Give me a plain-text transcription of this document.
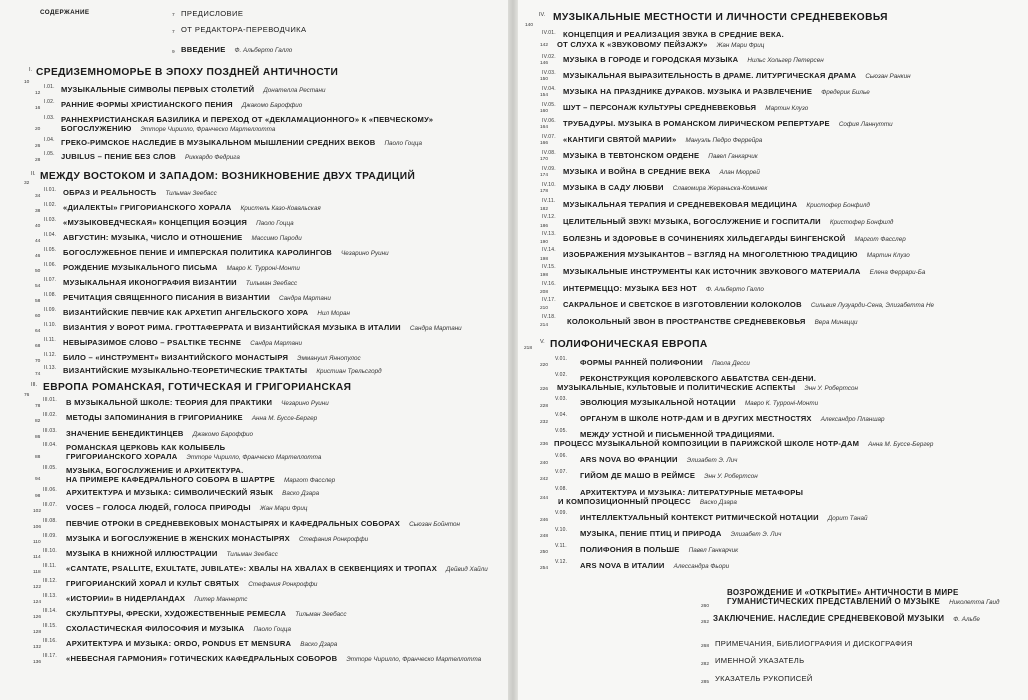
СОДЕРЖАНИЕ	7 ПРЕДИСЛОВИЕ
7 ОТ РЕДАКТОРА-ПЕРЕВОДЧИКА
9 ВВЕДЕНИЕ Ф. Альберто Галло
I.
10
СРЕДИЗЕМНОМОРЬЕ В ЭПОХУ ПОЗДНЕЙ АНТИЧНОСТИ
I.01.
12	МУЗЫКАЛЬНЫЕ СИМВОЛЫ ПЕРВЫХ СТОЛЕТИЙ Донателла Рестани
I.02.
16	РАННИЕ ФОРМЫ ХРИСТИАНСКОГО ПЕНИЯ Джакомо Бароффио
I.03.
20
РАННЕХРИСТИАНСКАЯ БАЗИЛИКА И ПЕРЕХОД ОТ «ДЕКЛАМАЦИОННОГО» К «ПЕВЧЕСКОМУ»
БОГОСЛУЖЕНИЮ Этторе Чирилло, Франческо Мартеллотта
I.04.
26	ГРЕКО-РИМСКОЕ НАСЛЕДИЕ В МУЗЫКАЛЬНОМ МЫШЛЕНИИ СРЕДНИХ ВЕКОВ Паоло Гоцца
I.05.
28	JUBILUS – ПЕНИЕ БЕЗ СЛОВ Риккардо Федрига
II.
32
МЕЖДУ ВОСТОКОМ И ЗАПАДОМ: ВОЗНИКНОВЕНИЕ ДВУХ ТРАДИЦИЙ
II.01.
34	ОБРАЗ И РЕАЛЬНОСТЬ Тильман Зеебасс
II.02.
38	«ДИАЛЕКТЫ» ГРИГОРИАНСКОГО ХОРАЛА Кристель Казо-Ковальская
II.03.
40	«МУЗЫКОВЕДЧЕСКАЯ» КОНЦЕПЦИЯ БОЭЦИЯ Паоло Гоцца
II.04.
44	АВГУСТИН: МУЗЫКА, ЧИСЛО И ОТНОШЕНИЕ Массимо Пароди
II.05.
46	БОГОСЛУЖЕБНОЕ ПЕНИЕ И ИМПЕРСКАЯ ПОЛИТИКА КАРОЛИНГОВ Чезарино Руини
II.06.
50	РОЖДЕНИЕ МУЗЫКАЛЬНОГО ПИСЬМА Мавро К. Турроні-Монти
II.07.
54	МУЗЫКАЛЬНАЯ ИКОНОГРАФИЯ ВИЗАНТИИ Тильман Зеебасс
II.08.
58	РЕЧИТАЦИЯ СВЯЩЕННОГО ПИСАНИЯ В ВИЗАНТИИ Сандра Мартани
II.09.
60	ВИЗАНТИЙСКИЕ ПЕВЧИЕ КАК АРХЕТИП АНГЕЛЬСКОГО ХОРА Нил Моран
II.10.
64	ВИЗАНТИЯ У ВОРОТ РИМА. ГРОТТАФЕРРАТА И ВИЗАНТИЙСКАЯ МУЗЫКА В ИТАЛИИ Сандра Мартани
II.11.
68	НЕВЫРАЗИМОЕ СЛОВО – PSALTIKE TECHNE Сандра Мартани
II.12.
70	БИЛО – «ИНСТРУМЕНТ» ВИЗАНТИЙСКОГО МОНАСТЫРЯ Эммануил Яннопулос
II.13.
74	ВИЗАНТИЙСКИЕ МУЗЫКАЛЬНО-ТЕОРЕТИЧЕСКИЕ ТРАКТАТЫ Кристиан Трельсгорд
III.
76
ЕВРОПА РОМАНСКАЯ, ГОТИЧЕСКАЯ И ГРИГОРИАНСКАЯ
III.01.
78	В МУЗЫКАЛЬНОЙ ШКОЛЕ: ТЕОРИЯ ДЛЯ ПРАКТИКИ Чезарино Руини
III.02.
82	МЕТОДЫ ЗАПОМИНАНИЯ В ГРИГОРИАНИКЕ Анна М. Буссе-Бергер
III.03.
86	ЗНАЧЕНИЕ БЕНЕДИКТИНЦЕВ Джакомо Бароффио
III.04.
88
РОМАНСКАЯ ЦЕРКОВЬ КАК КОЛЫБЕЛЬ
ГРИГОРИАНСКОГО ХОРАЛА Этторе Чирилло, Франческо Мартеллотта
III.05.
94
МУЗЫКА, БОГОСЛУЖЕНИЕ И АРХИТЕКТУРА.
НА ПРИМЕРЕ КАФЕДРАЛЬНОГО СОБОРА В ШАРТРЕ Маргот Фасслер
III.06.
98	АРХИТЕКТУРА И МУЗЫКА: СИМВОЛИЧЕСКИЙ ЯЗЫК Васко Дзара
III.07.
102	VOCES – ГОЛОСА ЛЮДЕЙ, ГОЛОСА ПРИРОДЫ Жан Мари Фриц
III.08.
106	ПЕВЧИЕ ОТРОКИ В СРЕДНЕВЕКОВЫХ МОНАСТЫРЯХ И КАФЕДРАЛЬНЫХ СОБОРАХ Сьюзан Бойнтон
III.09.
110	МУЗЫКА И БОГОСЛУЖЕНИЕ В ЖЕНСКИХ МОНАСТЫРЯХ Стефания Ронкроффи
III.10.
114	МУЗЫКА В КНИЖНОЙ ИЛЛЮСТРАЦИИ Тильман Зеебасс
III.11.
118	«CANTATE, PSALLITE, EXULTATE, JUBILATE»: ХВАЛЫ НА ХВАЛАХ В СЕКВЕНЦИЯХ И ТРОПАХ Дейвид Хайли
III.12.
122	ГРИГОРИАНСКИЙ ХОРАЛ И КУЛЬТ СВЯТЫХ Стефания Ронкроффи
III.13.
124	«ИСТОРИИ» В НИДЕРЛАНДАХ Питер Маннертс
III.14.
126	СКУЛЬПТУРЫ, ФРЕСКИ, ХУДОЖЕСТВЕННЫЕ РЕМЕСЛА Тильман Зеебасс
III.15.
128	СХОЛАСТИЧЕСКАЯ ФИЛОСОФИЯ И МУЗЫКА Паоло Гоцца
III.16.
132	АРХИТЕКТУРА И МУЗЫКА: ORDO, PONDUS ET MENSURA Васко Дзара
III.17.
136	«НЕБЕСНАЯ ГАРМОНИЯ» ГОТИЧЕСКИХ КАФЕДРАЛЬНЫХ СОБОРОВ Этторе Чирилло, Франческо Мартеллотта
IV.
140
МУЗЫКАЛЬНЫЕ МЕСТНОСТИ И ЛИЧНОСТИ СРЕДНЕВЕКОВЬЯ
IV.01.
142
КОНЦЕПЦИЯ И РЕАЛИЗАЦИЯ ЗВУКА В СРЕДНИЕ ВЕКА.
ОТ СЛУХА К «ЗВУКОВОМУ ПЕЙЗАЖУ» Жан Мари Фриц
IV.02.
146 МУЗЫКА В ГОРОДЕ И ГОРОДСКАЯ МУЗЫКА Нильс Хольгер Петерсен
IV.03.
150 МУЗЫКАЛЬНАЯ ВЫРАЗИТЕЛЬНОСТЬ В ДРАМЕ. ЛИТУРГИЧЕСКАЯ ДРАМА Сьюзан Ранкин
IV.04.
154 МУЗЫКА НА ПРАЗДНИКЕ ДУРАКОВ. МУЗЫКА И РАЗВЛЕЧЕНИЕ Фредерик Билье
IV.05.
160 ШУТ – ПЕРСОНАЖ КУЛЬТУРЫ СРЕДНЕВЕКОВЬЯ Мартин Клузо
IV.06.
164 ТРУБАДУРЫ. МУЗЫКА В РОМАНСКОМ ЛИРИЧЕСКОМ РЕПЕРТУАРЕ София Ланнутти
IV.07.
166 «КАНТИГИ СВЯТОЙ МАРИИ» Мануэль Педро Феррейра
IV.08.
170 МУЗЫКА В ТЕВТОНСКОМ ОРДЕНЕ Павел Ганкарчик
IV.09.
174 МУЗЫКА И ВОЙНА В СРЕДНИЕ ВЕКА Алан Мюррей
IV.10.
178 МУЗЫКА В САДУ ЛЮБВИ Славомира Жераньска-Коминек
IV.11.
182
МУЗЫКАЛЬНАЯ ТЕРАПИЯ И СРЕДНЕВЕКОВАЯ МЕДИЦИНА Кристофер Бонфилд
IV.12.
186
ЦЕЛИТЕЛЬНЫЙ ЗВУК! МУЗЫКА, БОГОСЛУЖЕНИЕ И ГОСПИТАЛИ Кристофер Бонфилд
IV.13.
190 БОЛЕЗНЬ И ЗДОРОВЬЕ В СОЧИНЕНИЯХ ХИЛЬДЕГАРДЫ БИНГЕНСКОЙ Маргот Фасслер
IV.14.
198
ИЗОБРАЖЕНИЯ МУЗЫКАНТОВ – ВЗГЛЯД НА МНОГОЛЕТНЮЮ ТРАДИЦИЮ Мартин Клузо
IV.15.
198 МУЗЫКАЛЬНЫЕ ИНСТРУМЕНТЫ КАК ИСТОЧНИК ЗВУКОВОГО МАТЕРИАЛА Елена Феррари-Ба
IV.16.
208 ИНТЕРМЕЦЦО: МУЗЫКА БЕЗ НОТ Ф. Альберто Галло
IV.17.
210 САКРАЛЬНОЕ И СВЕТСКОЕ В ИЗГОТОВЛЕНИИ КОЛОКОЛОВ Сильвия Лузуарди-Сена, Элизабетта Не
IV.18.
214 КОЛОКОЛЬНЫЙ ЗВОН В ПРОСТРАНСТВЕ СРЕДНЕВЕКОВЬЯ Вера Минацци
V.
218 ПОЛИФОНИЧЕСКАЯ ЕВРОПА
V.01.
220	ФОРМЫ РАННЕЙ ПОЛИФОНИИ Паола Десси
V.02.
226
РЕКОНСТРУКЦИЯ КОРОЛЕВСКОГО АББАТСТВА СЕН-ДЕНИ.
МУЗЫКАЛЬНЫЕ, КУЛЬТОВЫЕ И ПОЛИТИЧЕСКИЕ АСПЕКТЫ Энн У. Робертсон
V.03.
228	ЭВОЛЮЦИЯ МУЗЫКАЛЬНОЙ НОТАЦИИ Мавро К. Турроні-Монти
V.04.
232	ОРГАНУМ В ШКОЛЕ НОТР-ДАМ И В ДРУГИХ МЕСТНОСТЯХ Александро Планшар
V.05.
236
МЕЖДУ УСТНОЙ И ПИСЬМЕННОЙ ТРАДИЦИЯМИ.
ПРОЦЕСС МУЗЫКАЛЬНОЙ КОМПОЗИЦИИ В ПАРИЖСКОЙ ШКОЛЕ НОТР-ДАМ Анна М. Буссе-Бергер
V.06.
240	ARS NOVA ВО ФРАНЦИИ Элизабет Э. Лич
V.07.
242	ГИЙОМ ДЕ МАШО В РЕЙМСЕ Энн У. Робертсон
V.08.
244
АРХИТЕКТУРА И МУЗЫКА: ЛИТЕРАТУРНЫЕ МЕТАФОРЫ
И КОМПОЗИЦИОННЫЙ ПРОЦЕСС Васко Дзара
V.09.
246	ИНТЕЛЛЕКТУАЛЬНЫЙ КОНТЕКСТ РИТМИЧЕСКОЙ НОТАЦИИ Дорит Танай
V.10.
248	МУЗЫКА, ПЕНИЕ ПТИЦ И ПРИРОДА Элизабет Э. Лич
V.11.
250	ПОЛИФОНИЯ В ПОЛЬШЕ Павел Ганкарчик
V.12.
254	ARS NOVA В ИТАЛИИ Алессандра Фьори
ВОЗРОЖДЕНИЕ И «ОТКРЫТИЕ» АНТИЧНОСТИ В МИРЕ
260
ГУМАНИСТИЧЕСКИХ ПРЕДСТАВЛЕНИЙ О МУЗЫКЕ Николетта Гвид
262 ЗАКЛЮЧЕНИЕ. НАСЛЕДИЕ СРЕДНЕВЕКОВОЙ МУЗЫКИ Ф. Альбе
268 ПРИМЕЧАНИЯ, БИБЛИОГРАФИЯ И ДИСКОГРАФИЯ
282 ИМЕННОЙ УКАЗАТЕЛЬ
285 УКАЗАТЕЛЬ РУКОПИСЕЙ
